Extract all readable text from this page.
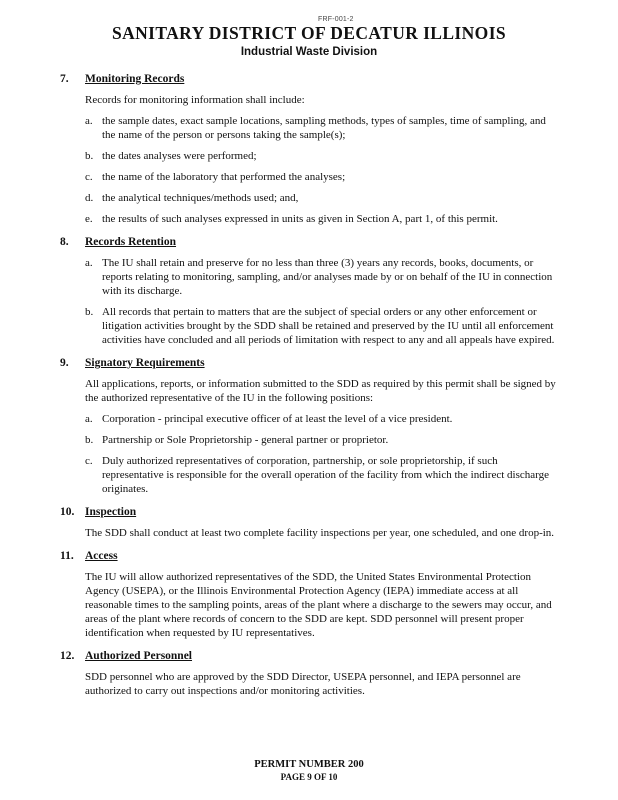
FRF-001-2
SANITARY DISTRICT OF DECATUR ILLINOIS
Industrial Waste Division
7.	Monitoring Records
Records for monitoring information shall include:
a. the sample dates, exact sample locations, sampling methods, types of samples, time of sampling, and the name of the person or persons taking the sample(s);
b. the dates analyses were performed;
c. the name of the laboratory that performed the analyses;
d. the analytical techniques/methods used; and,
e. the results of such analyses expressed in units as given in Section A, part 1, of this permit.
8.	Records Retention
a. The IU shall retain and preserve for no less than three (3) years any records, books, documents, or reports relating to monitoring, sampling, and/or analyses made by or on behalf of the IU in connection with its discharge.
b. All records that pertain to matters that are the subject of special orders or any other enforcement or litigation activities brought by the SDD shall be retained and preserved by the IU until all enforcement activities have concluded and all periods of limitation with respect to any and all appeals have expired.
9.	Signatory Requirements
All applications, reports, or information submitted to the SDD as required by this permit shall be signed by the authorized representative of the IU in the following positions:
a. Corporation - principal executive officer of at least the level of a vice president.
b. Partnership or Sole Proprietorship - general partner or proprietor.
c. Duly authorized representatives of corporation, partnership, or sole proprietorship, if such representative is responsible for the overall operation of the facility from which the indirect discharge originates.
10. Inspection
The SDD shall conduct at least two complete facility inspections per year, one scheduled, and one drop-in.
11. Access
The IU will allow authorized representatives of the SDD, the United States Environmental Protection Agency (USEPA), or the Illinois Environmental Protection Agency (IEPA) immediate access at all reasonable times to the sampling points, areas of the plant where a discharge to the sewers may occur, and areas of the plant where records of concern to the SDD are kept. SDD personnel will present proper identification when requested by IU representatives.
12. Authorized Personnel
SDD personnel who are approved by the SDD Director, USEPA personnel, and IEPA personnel are authorized to carry out inspections and/or monitoring activities.
PERMIT NUMBER 200
PAGE 9 OF 10
